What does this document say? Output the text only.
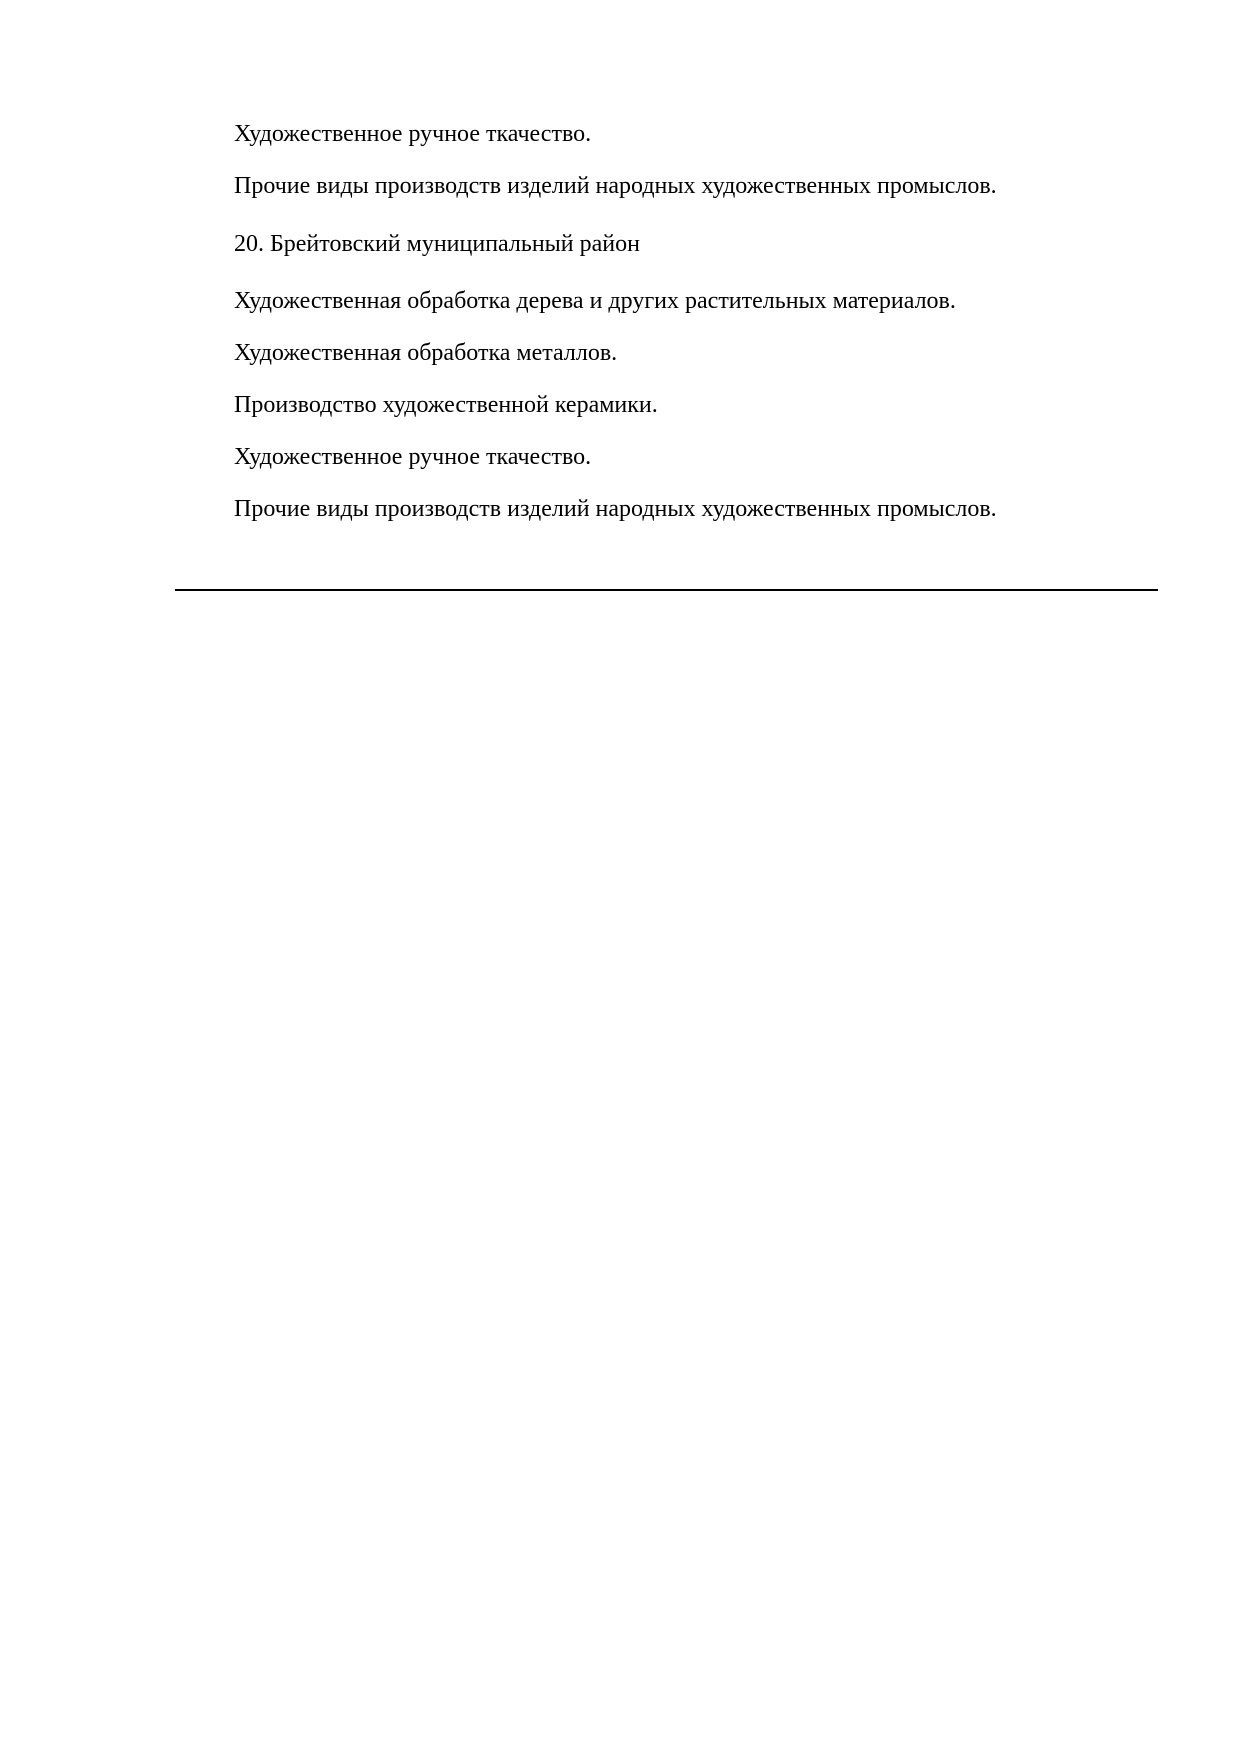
Художественное ручное ткачество.
Прочие виды производств изделий народных художественных промыслов.
20. Брейтовский муниципальный район
Художественная обработка дерева и других растительных материалов.
Художественная обработка металлов.
Производство художественной керамики.
Художественное ручное ткачество.
Прочие виды производств изделий народных художественных промыслов.
